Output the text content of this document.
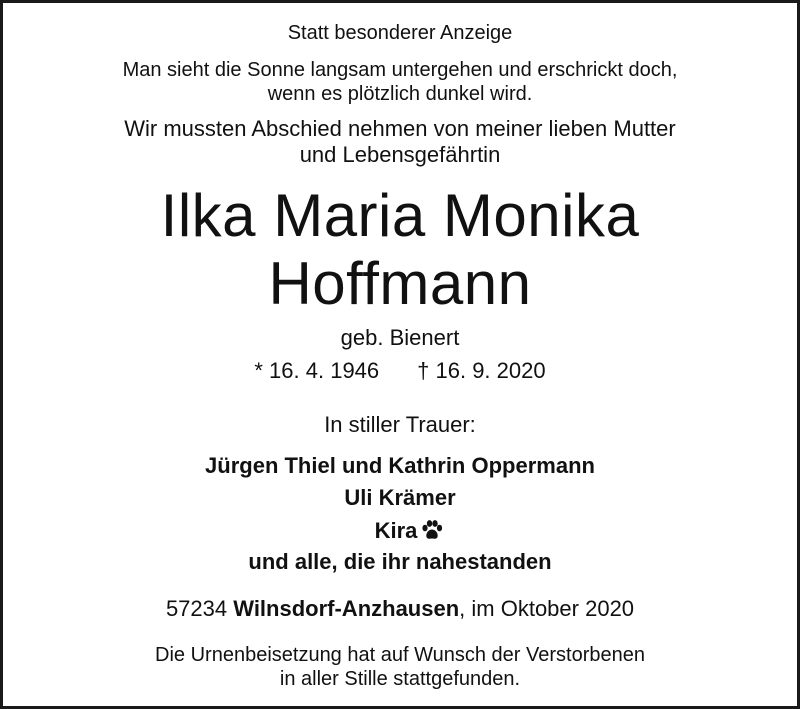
Statt besonderer Anzeige
Man sieht die Sonne langsam untergehen und erschrickt doch,
wenn es plötzlich dunkel wird.
Wir mussten Abschied nehmen von meiner lieben Mutter
und Lebensgefährtin
Ilka Maria Monika
Hoffmann
geb. Bienert
* 16. 4. 1946 † 16. 9. 2020
In stiller Trauer:
Jürgen Thiel und Kathrin Oppermann
Uli Krämer
Kira
und alle, die ihr nahestanden
57234 Wilnsdorf-Anzhausen, im Oktober 2020
Die Urnenbeisetzung hat auf Wunsch der Verstorbenen
in aller Stille stattgefunden.
